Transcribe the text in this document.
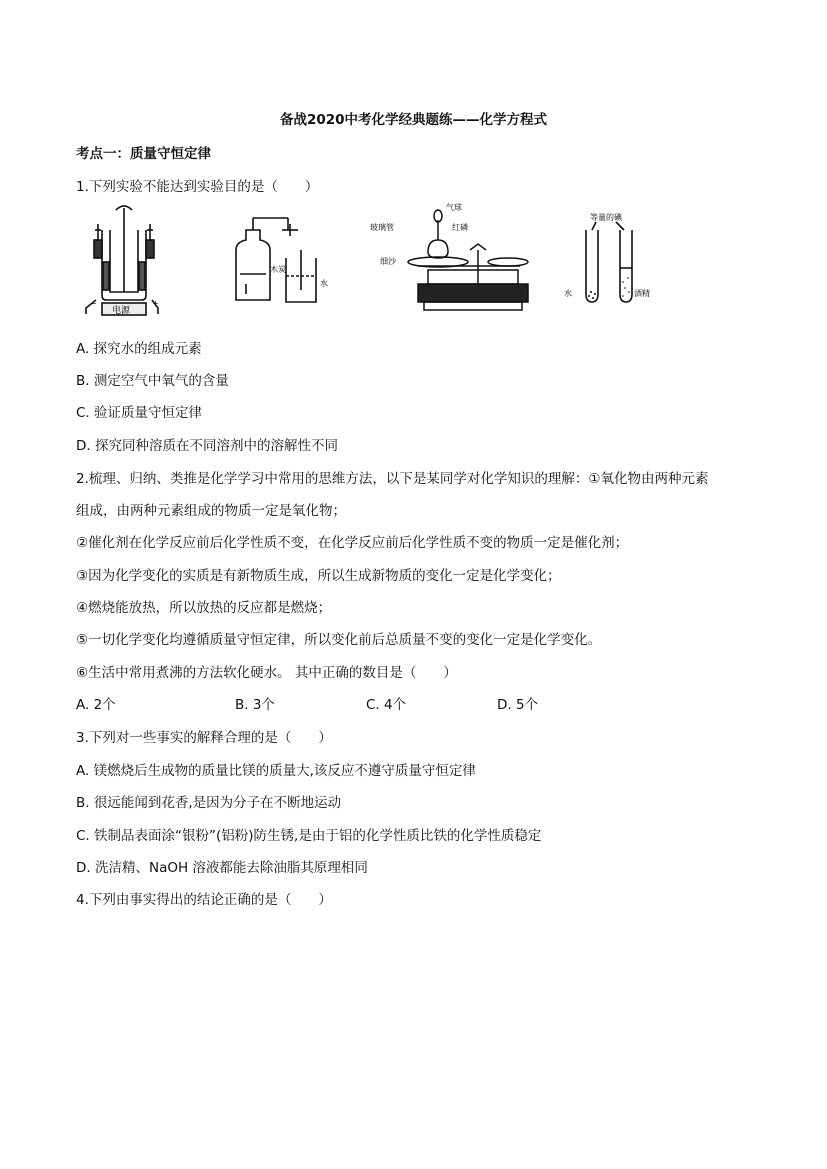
备战2020中考化学经典题练——化学方程式
考点一：质量守恒定律
1.下列实验不能达到实验目的是（　　）
−	+
电源
木炭
水
气球
玻璃管	红磷
细沙
等量的碘
水	酒精
A. 探究水的组成元素
B. 测定空气中氧气的含量
C. 验证质量守恒定律
D. 探究同种溶质在不同溶剂中的溶解性不同
2.梳理、归纳、类推是化学学习中常用的思维方法，以下是某同学对化学知识的理解：①氧化物由两种元素
组成，由两种元素组成的物质一定是氧化物；
②催化剂在化学反应前后化学性质不变，在化学反应前后化学性质不变的物质一定是催化剂；
③因为化学变化的实质是有新物质生成，所以生成新物质的变化一定是化学变化；
④燃烧能放热，所以放热的反应都是燃烧；
⑤一切化学变化均遵循质量守恒定律，所以变化前后总质量不变的变化一定是化学变化。
⑥生活中常用煮沸的方法软化硬水。 其中正确的数目是（　　）
A. 2个	B. 3个	C. 4个	D. 5个
3.下列对一些事实的解释合理的是（　　）
A. 镁燃烧后生成物的质量比镁的质量大,该反应不遵守质量守恒定律
B. 很远能闻到花香,是因为分子在不断地运动
C. 铁制品表面涂“银粉”(铝粉)防生锈,是由于铝的化学性质比铁的化学性质稳定
D. 洗洁精、NaOH 溶液都能去除油脂其原理相同
4.下列由事实得出的结论正确的是（　　）
